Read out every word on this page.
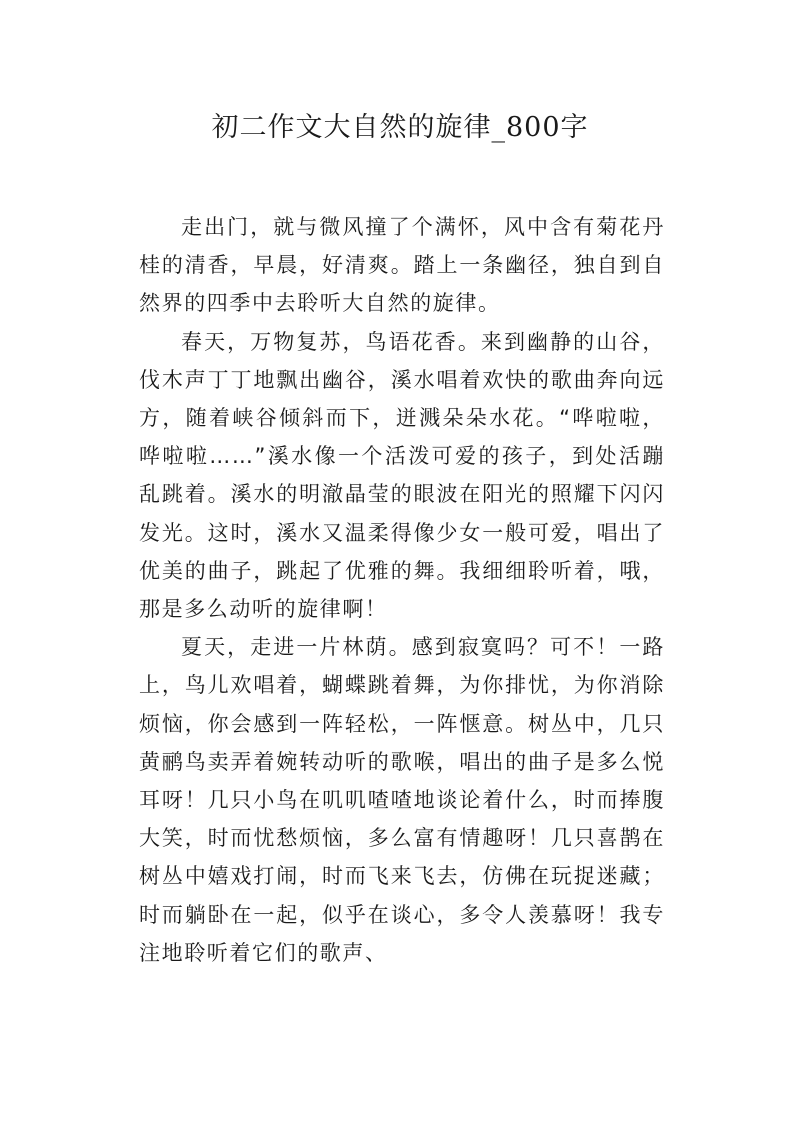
初二作文大自然的旋律_800字

走出门，就与微风撞了个满怀，风中含有菊花丹桂的清香，早晨，好清爽。踏上一条幽径，独自到自然界的四季中去聆听大自然的旋律。

春天，万物复苏，鸟语花香。来到幽静的山谷，伐木声丁丁地飘出幽谷，溪水唱着欢快的歌曲奔向远方，随着峡谷倾斜而下，迸溅朵朵水花。“哗啦啦，哗啦啦……”溪水像一个活泼可爱的孩子，到处活蹦乱跳着。溪水的明澈晶莹的眼波在阳光的照耀下闪闪发光。这时，溪水又温柔得像少女一般可爱，唱出了优美的曲子，跳起了优雅的舞。我细细聆听着，哦，那是多么动听的旋律啊！

夏天，走进一片林荫。感到寂寞吗？可不！一路上，鸟儿欢唱着，蝴蝶跳着舞，为你排忧，为你消除烦恼，你会感到一阵轻松，一阵惬意。树丛中，几只黄鹂鸟卖弄着婉转动听的歌喉，唱出的曲子是多么悦耳呀！几只小鸟在叽叽喳喳地谈论着什么，时而捧腹大笑，时而忧愁烦恼，多么富有情趣呀！几只喜鹊在树丛中嬉戏打闹，时而飞来飞去，仿佛在玩捉迷藏；时而躺卧在一起，似乎在谈心，多令人羡慕呀！我专注地聆听着它们的歌声、
